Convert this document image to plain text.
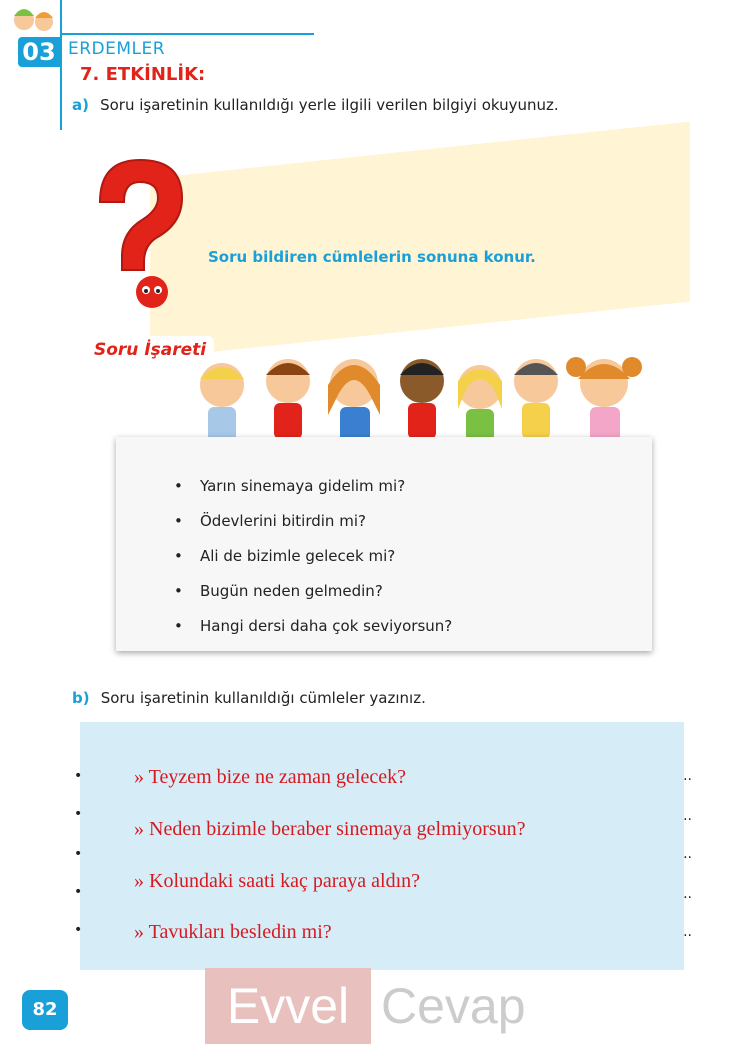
03 ERDEMLER
7. ETKİNLİK:
a) Soru işaretinin kullanıldığı yerle ilgili verilen bilgiyi okuyunuz.
Soru bildiren cümlelerin sonuna konur.
Soru İşareti
• Yarın sinemaya gidelim mi?
• Ödevlerini bitirdin mi?
• Ali de bizimle gelecek mi?
• Bugün neden gelmedin?
• Hangi dersi daha çok seviyorsun?
b) Soru işaretinin kullanıldığı cümleler yazınız.
•
•
•
•
•
..
..
..
..
..
» Teyzem bize ne zaman gelecek?
» Neden bizimle beraber sinemaya gelmiyorsun?
» Kolundaki saati kaç paraya aldın?
» Tavukları besledin mi?
82	Evvel Cevap
